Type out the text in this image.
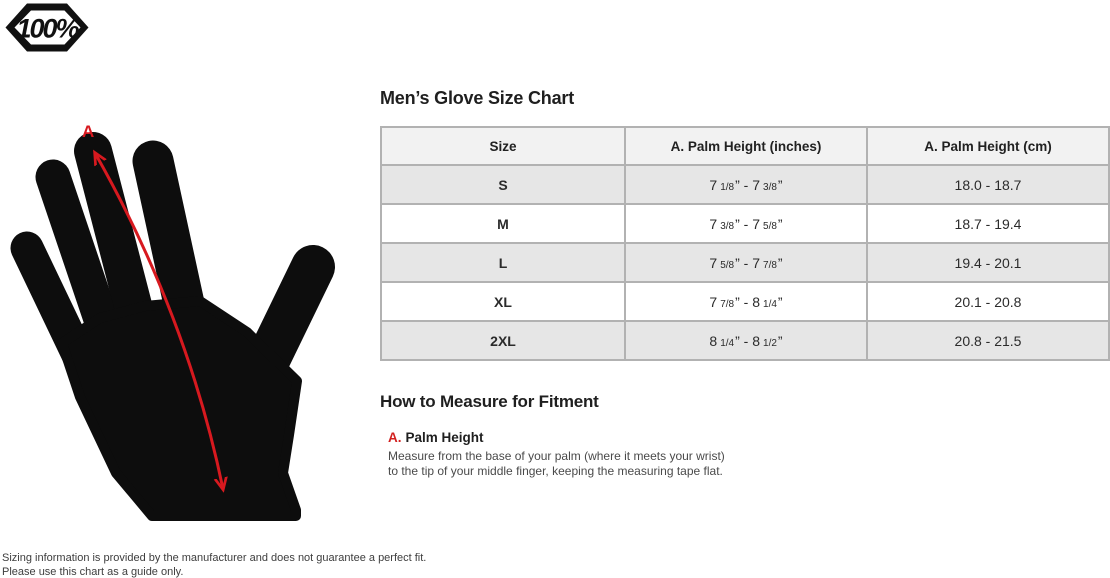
100%
A
Men’s Glove Size Chart
Size	A. Palm Height (inches)	A. Palm Height (cm)
S	7 1/8” - 7 3/8”	18.0 - 18.7
M	7 3/8” - 7 5/8”	18.7 - 19.4
L	7 5/8” - 7 7/8”	19.4 - 20.1
XL	7 7/8” - 8 1/4”	20.1 - 20.8
2XL	8 1/4” - 8 1/2”	20.8 - 21.5
How to Measure for Fitment
A. Palm Height
Measure from the base of your palm (where it meets your wrist) to the tip of your middle finger, keeping the measuring tape flat.
Sizing information is provided by the manufacturer and does not guarantee a perfect fit.
Please use this chart as a guide only.
